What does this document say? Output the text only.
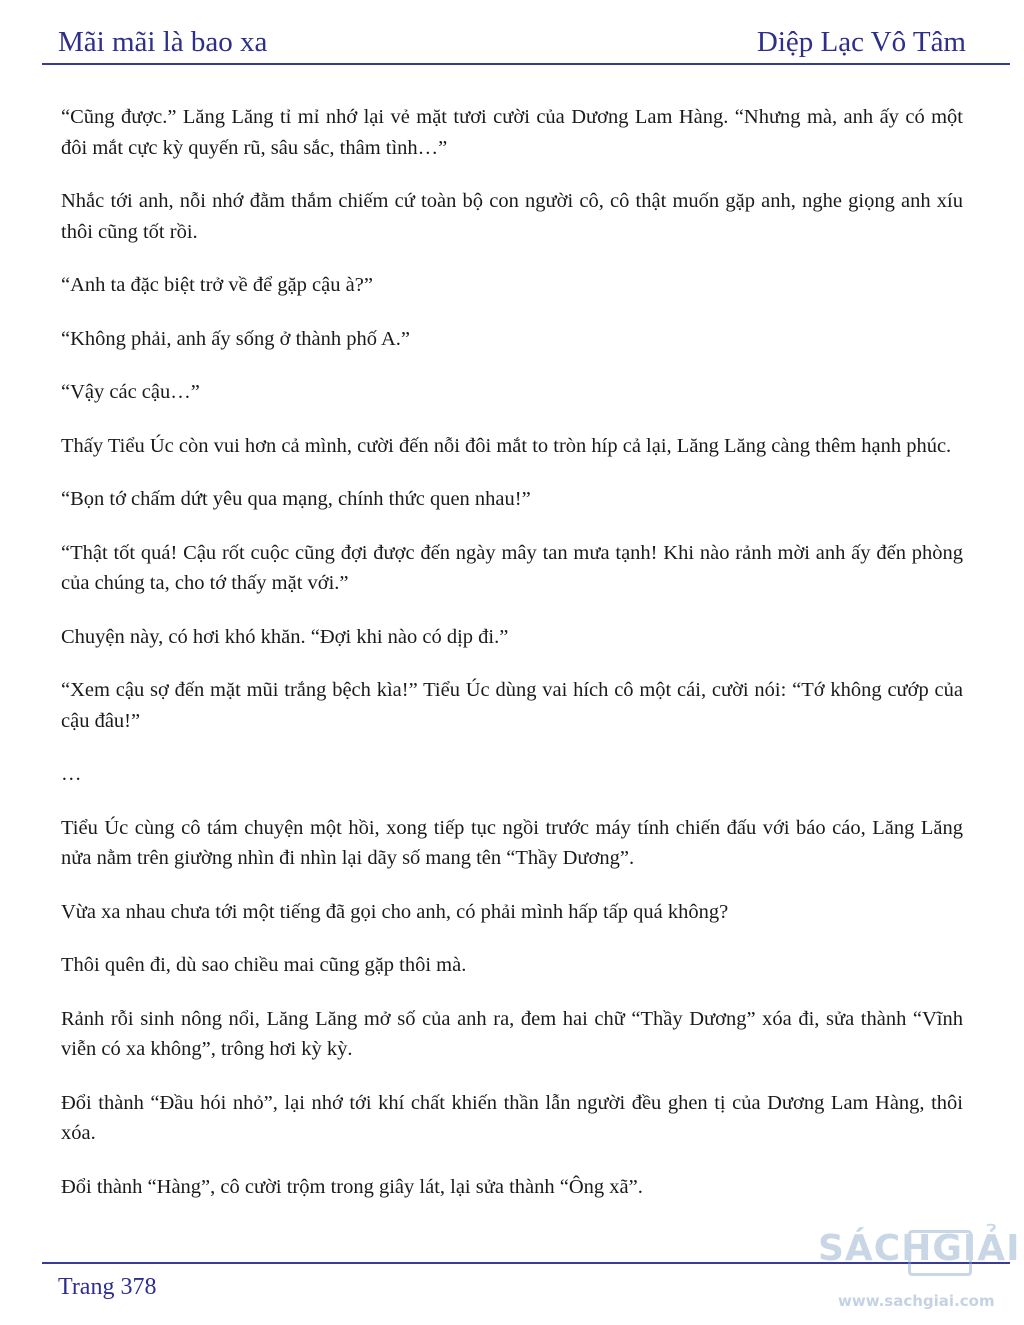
Mãi mãi là bao xa	Diệp Lạc Vô Tâm

“Cũng được.” Lăng Lăng tỉ mỉ nhớ lại vẻ mặt tươi cười của Dương Lam Hàng. “Nhưng mà, anh ấy có một đôi mắt cực kỳ quyến rũ, sâu sắc, thâm tình…”

Nhắc tới anh, nỗi nhớ đằm thắm chiếm cứ toàn bộ con người cô, cô thật muốn gặp anh, nghe giọng anh xíu thôi cũng tốt rồi.

“Anh ta đặc biệt trở về để gặp cậu à?”

“Không phải, anh ấy sống ở thành phố A.”

“Vậy các cậu…”

Thấy Tiểu Úc còn vui hơn cả mình, cười đến nỗi đôi mắt to tròn híp cả lại, Lăng Lăng càng thêm hạnh phúc.

“Bọn tớ chấm dứt yêu qua mạng, chính thức quen nhau!”

“Thật tốt quá! Cậu rốt cuộc cũng đợi được đến ngày mây tan mưa tạnh! Khi nào rảnh mời anh ấy đến phòng của chúng ta, cho tớ thấy mặt với.”

Chuyện này, có hơi khó khăn. “Đợi khi nào có dịp đi.”

“Xem cậu sợ đến mặt mũi trắng bệch kìa!” Tiểu Úc dùng vai hích cô một cái, cười nói: “Tớ không cướp của cậu đâu!”

…

Tiểu Úc cùng cô tám chuyện một hồi, xong tiếp tục ngồi trước máy tính chiến đấu với báo cáo, Lăng Lăng nửa nằm trên giường nhìn đi nhìn lại dãy số mang tên “Thầy Dương”.

Vừa xa nhau chưa tới một tiếng đã gọi cho anh, có phải mình hấp tấp quá không?

Thôi quên đi, dù sao chiều mai cũng gặp thôi mà.

Rảnh rỗi sinh nông nổi, Lăng Lăng mở số của anh ra, đem hai chữ “Thầy Dương” xóa đi, sửa thành “Vĩnh viễn có xa không”, trông hơi kỳ kỳ.

Đổi thành “Đầu hói nhỏ”, lại nhớ tới khí chất khiến thần lẫn người đều ghen tị của Dương Lam Hàng, thôi xóa.

Đổi thành “Hàng”, cô cười trộm trong giây lát, lại sửa thành “Ông xã”.

Trang 378
SÁCHGIẢI
www.sachgiai.com
